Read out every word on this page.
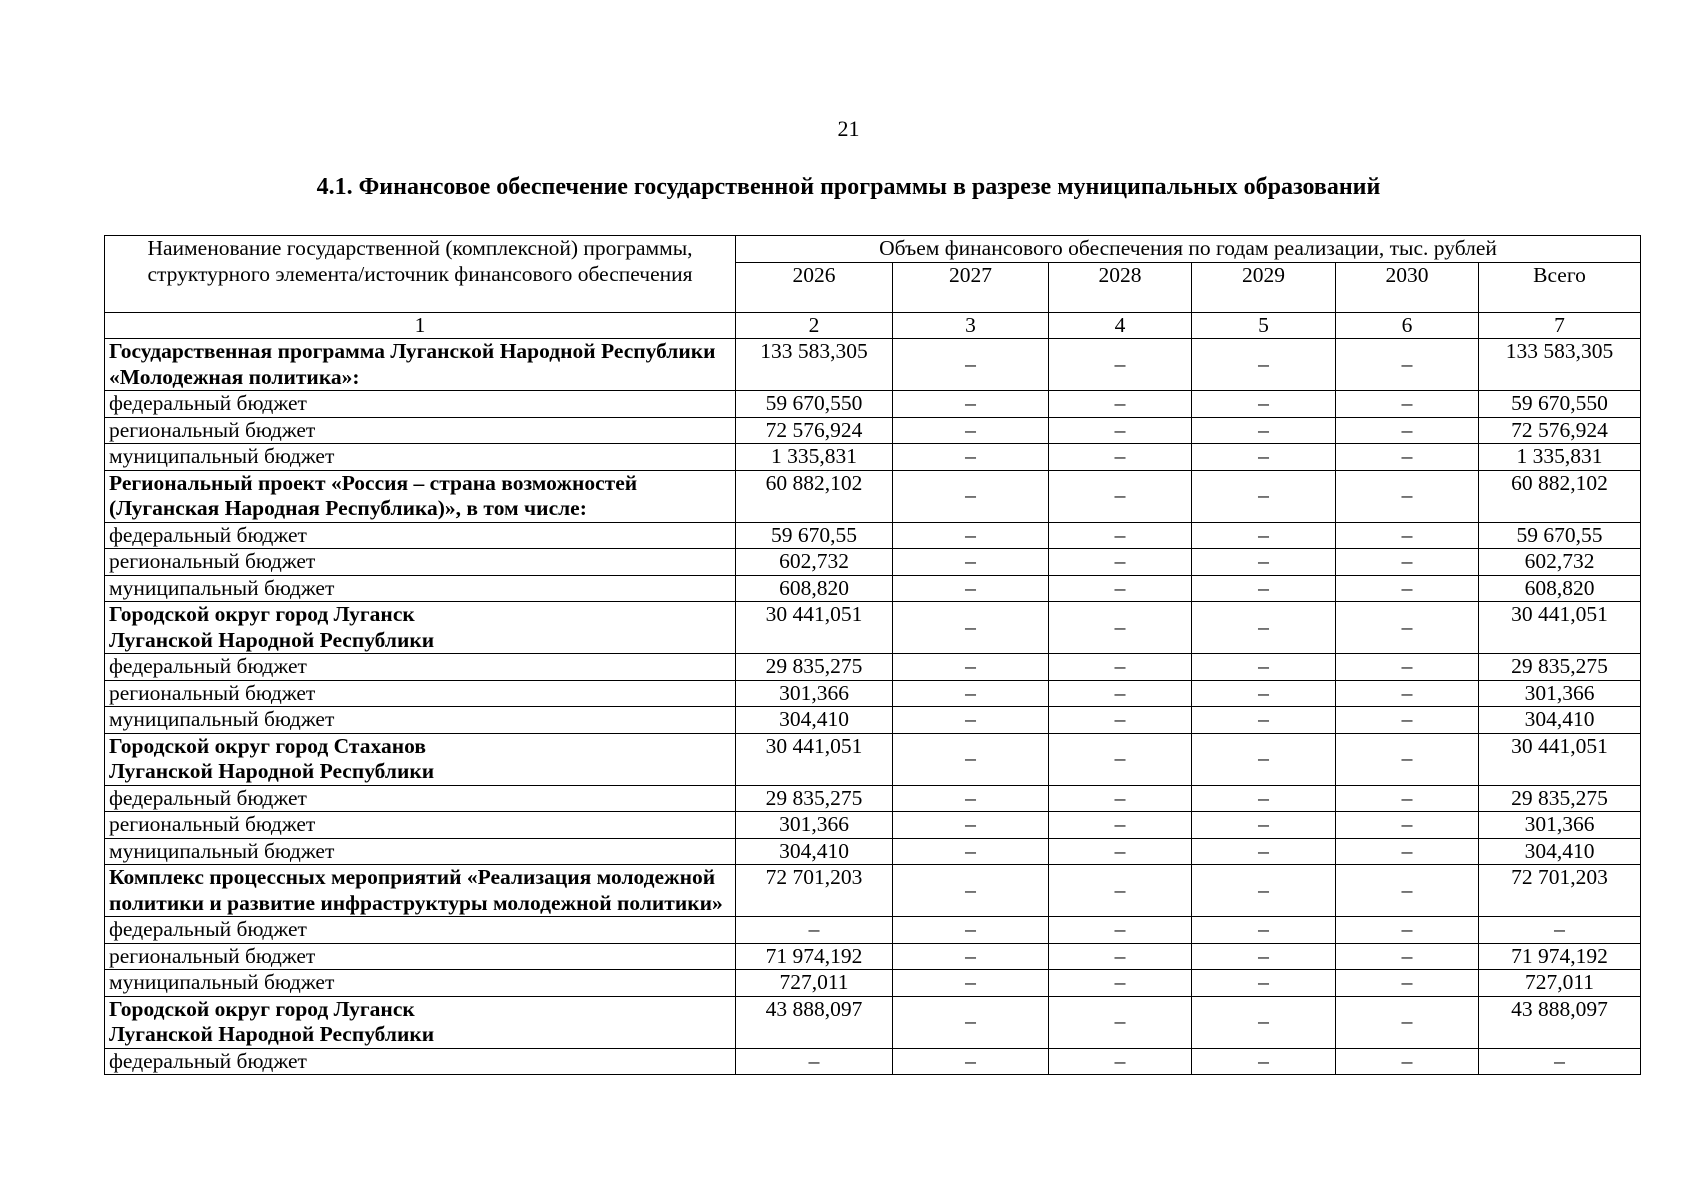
21
4.1. Финансовое обеспечение государственной программы в разрезе муниципальных образований
Наименование государственной (комплексной) программы, структурного элемента/источник финансового обеспечения	Объем финансового обеспечения по годам реализации, тыс. рублей					
	2026	2027	2028	2029	2030	Всего
1	2	3	4	5	6	7
Государственная программа Луганской Народной Республики «Молодежная политика»:	133 583,305	–	–	–	–	133 583,305
федеральный бюджет	59 670,550	–	–	–	–	59 670,550
региональный бюджет	72 576,924	–	–	–	–	72 576,924
муниципальный бюджет	1 335,831	–	–	–	–	1 335,831
Региональный проект «Россия – страна возможностей (Луганская Народная Республика)», в том числе:	60 882,102	–	–	–	–	60 882,102
федеральный бюджет	59 670,55	–	–	–	–	59 670,55
региональный бюджет	602,732	–	–	–	–	602,732
муниципальный бюджет	608,820	–	–	–	–	608,820
Городской округ город Луганск
Луганской Народной Республики	30 441,051	–	–	–	–	30 441,051
федеральный бюджет	29 835,275	–	–	–	–	29 835,275
региональный бюджет	301,366	–	–	–	–	301,366
муниципальный бюджет	304,410	–	–	–	–	304,410
Городской округ город Стаханов
Луганской Народной Республики	30 441,051	–	–	–	–	30 441,051
федеральный бюджет	29 835,275	–	–	–	–	29 835,275
региональный бюджет	301,366	–	–	–	–	301,366
муниципальный бюджет	304,410	–	–	–	–	304,410
Комплекс процессных мероприятий «Реализация молодежной политики и развитие инфраструктуры молодежной политики»	72 701,203	–	–	–	–	72 701,203
федеральный бюджет	–	–	–	–	–	–
региональный бюджет	71 974,192	–	–	–	–	71 974,192
муниципальный бюджет	727,011	–	–	–	–	727,011
Городской округ город Луганск
Луганской Народной Республики	43 888,097	–	–	–	–	43 888,097
федеральный бюджет	–	–	–	–	–	–
